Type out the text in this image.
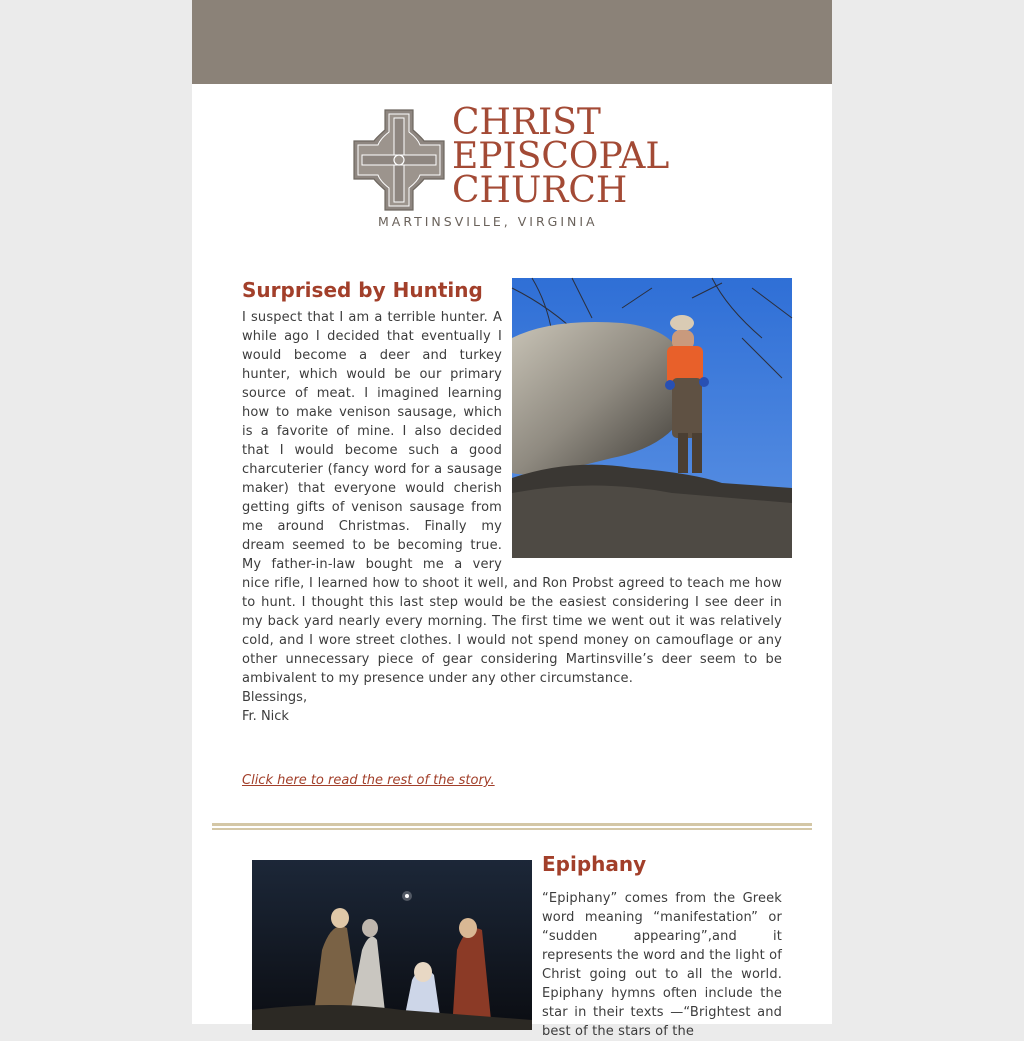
CHRIST
EPISCOPAL
CHURCH
MARTINSVILLE, VIRGINIA
Surprised by Hunting

I suspect that I am a terrible hunter. A while ago I decided that eventually I would become a deer and turkey hunter, which would be our primary source of meat. I imagined learning how to make venison sausage, which is a favorite of mine. I also decided that I would become such a good charcuterier (fancy word for a sausage maker) that everyone would cherish getting gifts of venison sausage from me around Christmas. Finally my dream seemed to be becoming true. My father-in-law bought me a very nice rifle, I learned how to shoot it well, and Ron Probst agreed to teach me how to hunt. I thought this last step would be the easiest considering I see deer in my back yard nearly every morning. The first time we went out it was relatively cold, and I wore street clothes. I would not spend money on camouflage or any other unnecessary piece of gear considering Martinsville’s deer seem to be ambivalent to my presence under any other circumstance.

Blessings,
Fr. Nick
Click here to read the rest of the story.
Epiphany

“Epiphany” comes from the Greek word meaning “manifestation” or “sudden appearing”,and it represents the word and the light of Christ going out to all the world. Epiphany hymns often include the star in their texts —“Brightest and best of the stars of the
